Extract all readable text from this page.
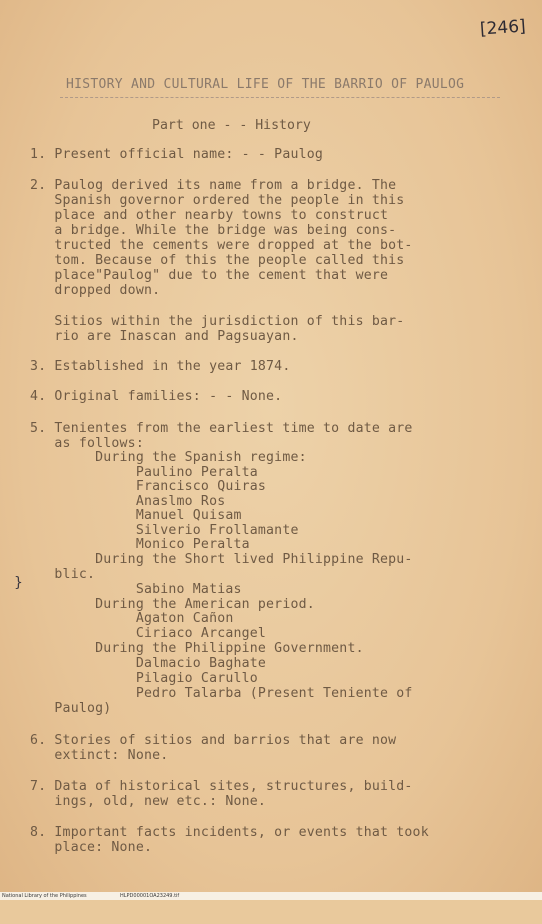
[246]
HISTORY AND CULTURAL LIFE OF THE BARRIO OF PAULOG
Part one - - History
1. Present official name: - - Paulog
2. Paulog derived its name from a bridge. The
Spanish governor ordered the people in this
place and other nearby towns to construct
a bridge. While the bridge was being cons-
tructed the cements were dropped at the bot-
tom. Because of this the people called this
place"Paulog" due to the cement that were
dropped down.
Sitios within the jurisdiction of this bar-
rio are Inascan and Pagsuayan.
3. Established in the year 1874.
4. Original families: - - None.
5. Tenientes from the earliest time to date are
as follows:
During the Spanish regime:
Paulino Peralta
Francisco Quiras
Anaslmo Ros
Manuel Quisam
Silverio Frollamante
Monico Peralta
During the Short lived Philippine Repu-
blic.
Sabino Matias
During the American period.
Agaton Cañon
Ciriaco Arcangel
During the Philippine Government.
Dalmacio Baghate
Pilagio Carullo
Pedro Talarba (Present Teniente of
Paulog)
6. Stories of sitios and barrios that are now
extinct: None.
7. Data of historical sites, structures, build-
ings, old, new etc.: None.
8. Important facts incidents, or events that took
place: None.
}

National Library of the Philippines

	HLPD00001OA23249.tif
